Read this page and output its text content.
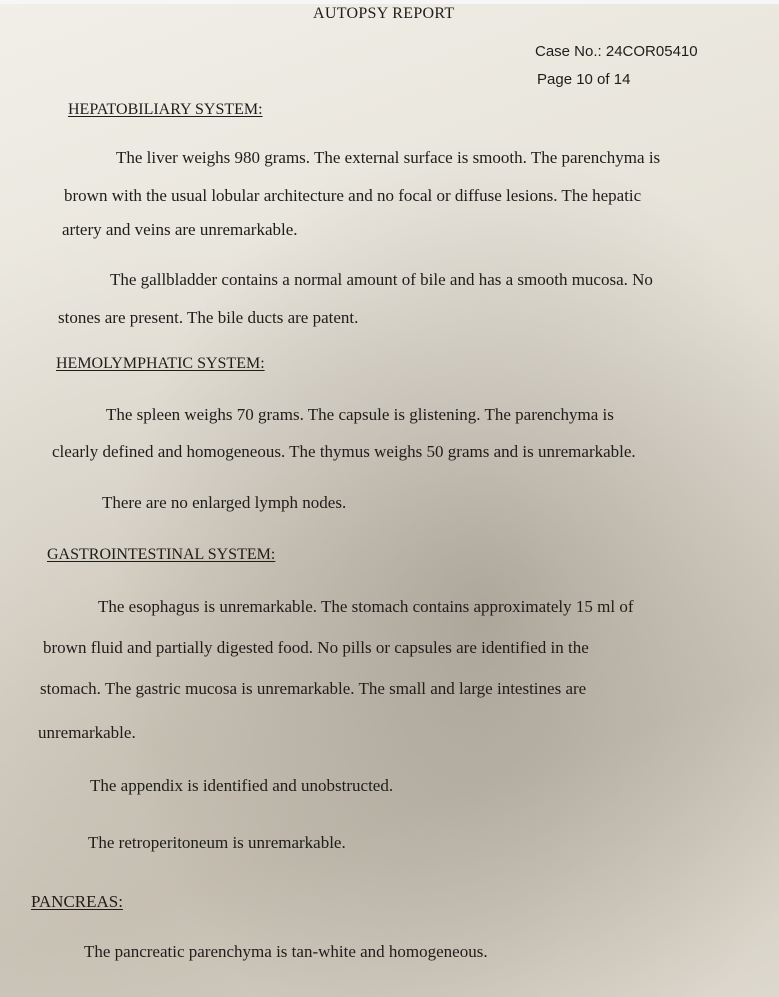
AUTOPSY REPORT
Case No.: 24COR05410
Page 10 of 14
HEPATOBILIARY SYSTEM:
The liver weighs 980 grams. The external surface is smooth. The parenchyma is
brown with the usual lobular architecture and no focal or diffuse lesions. The hepatic
artery and veins are unremarkable.
The gallbladder contains a normal amount of bile and has a smooth mucosa. No
stones are present. The bile ducts are patent.
HEMOLYMPHATIC SYSTEM:
The spleen weighs 70 grams. The capsule is glistening. The parenchyma is
clearly defined and homogeneous. The thymus weighs 50 grams and is unremarkable.
There are no enlarged lymph nodes.
GASTROINTESTINAL SYSTEM:
The esophagus is unremarkable. The stomach contains approximately 15 ml of
brown fluid and partially digested food. No pills or capsules are identified in the
stomach. The gastric mucosa is unremarkable. The small and large intestines are
unremarkable.
The appendix is identified and unobstructed.
The retroperitoneum is unremarkable.
PANCREAS:
The pancreatic parenchyma is tan-white and homogeneous.
